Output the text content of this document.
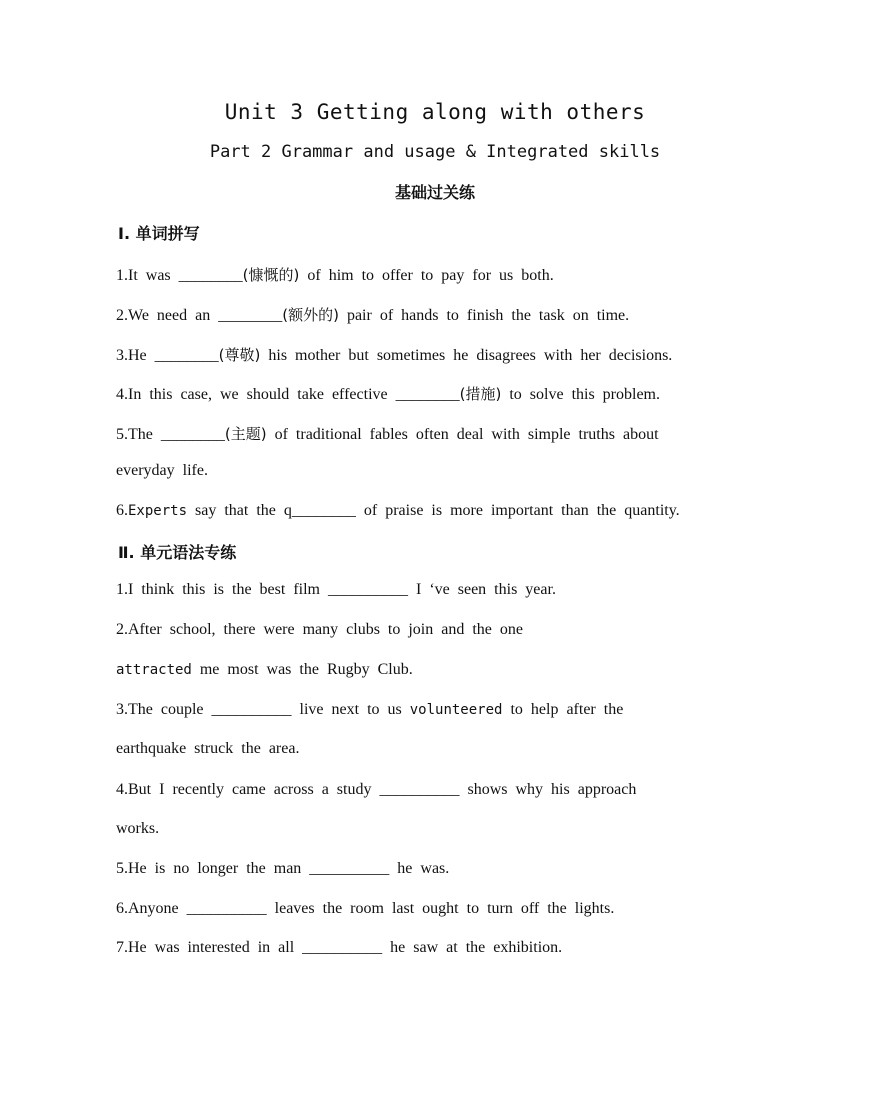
Unit 3 Getting along with others
Part 2 Grammar and usage & Integrated skills
基础过关练
Ⅰ. 单词拼写
1.It was ________(慷慨的) of him to offer to pay for us both.
2.We need an ________(额外的) pair of hands to finish the task on time.
3.He ________(尊敬) his mother but sometimes he disagrees with her decisions.
4.In this case, we should take effective ________(措施) to solve this problem.
5.The ________(主题) of traditional fables often deal with simple truths about
everyday life.
6.Experts say that the q________ of praise is more important than the quantity.
Ⅱ. 单元语法专练
1.I think this is the best film __________ I ‘ve seen this year.
2.After school, there were many clubs to join and the one
attracted me most was the Rugby Club.
3.The couple __________ live next to us volunteered to help after the
earthquake struck the area.
4.But I recently came across a study __________ shows why his approach
works.
5.He is no longer the man __________ he was.
6.Anyone __________ leaves the room last ought to turn off the lights.
7.He was interested in all __________ he saw at the exhibition.
